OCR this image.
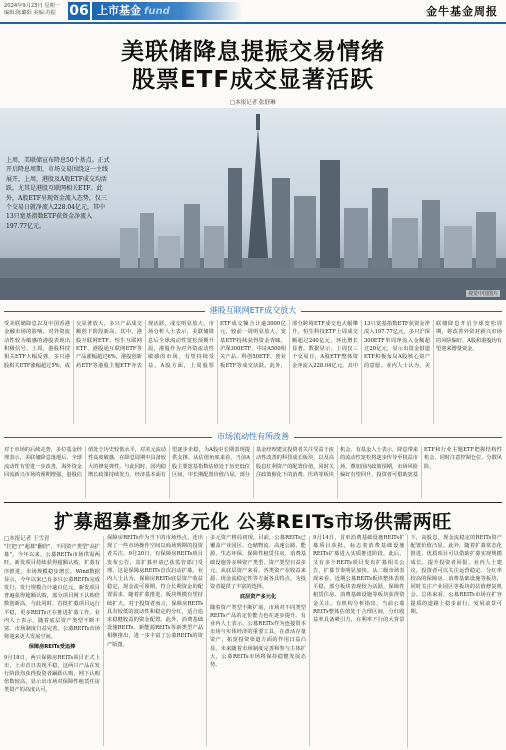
2024年9月23日 星期一
编辑:陈璐阳 美编:苏振 06 上市基金 fund	金牛基金周报
美联储降息提振交易情绪
股票ETF成交显著活跃
□本报记者 张舒琳
上周，美联储宣布降息50个基点。正式开启降息周期，市场交易围绕这一主线展开，上周，港股及A股ETF成交均活跃，尤其是港股互联网相关ETF。此外，A股ETF呈现资金流入态势，仅三个交易日就净流入228.04亿元，其中13只宽基指数ETF获资金净流入197.77亿元。
视觉中国图片
港股互联网ETF成交放大
受美联储降息以及中国香港金融市场的影响，对外资流动性较为敏感的港股表现出积极信号。上周，港股科技相关ETF大幅反弹，多只港股相关ETF涨幅超过5%，成交显著放大，多只产品成交额创下阶段新高。其中，港股互联网ETF、恒生互联网ETF、港股通互联网ETF等产品涨幅超过6%，港股创新药ETF等港股主题ETF亦表现活跃，成交明显放大。市场分析人士表示，美联储降息后全球流动性宽松预期升温，港股作为对外资流动性敏感的市场，有望持续受益。A股方面，上周股票ETF成交额合计逾3000亿元，较前一周明显放大，宽基ETF持续获得资金青睐，沪深300ETF、中证A500相关产品、科创50ETF、创业板ETF等成交活跃。此外，部分跨境ETF成交也大幅攀升，恒生科技ETF上周成交额超过240亿元，环比增长显著。数据显示，上周仅三个交易日，A股ETF整体资金净流入228.04亿元，其中13只宽基指数ETF获资金净流入197.77亿元，多只沪深300ETF单周净流入金额超过20亿元，显示出资金借道ETF积极布局A股核心资产的意愿。业内人士认为，美联储降息开启全球宽松周期，将改善外资对新兴市场的风险偏好，A股和港股均有望迎来增量资金。
市场流动性有所改善
对于市场的后续走势，多位基金经理表示，美联储降息落地后，全球流动性有望进一步改善，海外资金回流新兴市场的预期增强。港股估值处于历史较低水平，对美元流动性高度敏感，在降息周期中具备较大的修复弹性。与此同时，国内稳增长政策持续发力，经济基本面有望逐步企稳，为A股中长期表现提供支撑。从估值角度来看，当前A股主要宽基指数估值处于历史低位区间，中长期配置价值凸显。部分基金经理建议投资者关注受益于流动性改善的科技成长板块，以及高股息红利资产的配置价值，同时关注政策催化下的消费、医药等板块机会。有基金人士表示，降息带来的流动性宽松将逐步传导至权益市场，叠加国内政策预期，市场风险偏好有望回升，投资者可借助宽基ETF和行业主题ETF把握结构性机会，同时注意控制仓位、分散风险。
扩募超募叠加多元化 公募REITs市场供需两旺
□本报记者 王雪青
"扛把子"超募"翻倍"，不同资产类型"高扩募"，今年以来，公募REITs市场供需两旺，新发项目持续获得超额认购，扩募有序推进，市场规模稳步增长。Wind数据显示，今年以来已有多只公募REITs完成发行，发行规模合计逾百亿元，新发项目普遍获得超额认购，部分项目网下认购倍数创新高。与此同时，首批扩募项目运行平稳，更多REITs正在推进扩募工作。业内人士表示，随着底层资产类型不断丰富、市场制度日益完善，公募REITs市场将迎来更大发展空间。
保障房REITs受追捧
9月18日，两只保障房REITs项目正式上市，上市首日表现平稳，这两只产品在发行阶段均获得投资者踊跃认购，网下认购倍数较高，显示出市场对保障性租赁住房类资产的高度认可。
保障房REITs作为当下的市场热点，还出现了一些市场操作空间以商场到期的投资者关注。9月20日，有保障房REITs项目发布公告，其扩募申请已获监管部门受理，这是保障房REITs首次启动扩募。业内人士认为，保障房REITs底层资产收益稳定，现金流可预期，符合长期资金的配置需求，随着扩募推进，板块规模有望持续扩大。对于投资者而言，保障房REITs具有较低的波动性和稳定的分红，适合追求稳健收益的资金配置。此外，消费基础设施REITs、新能源REITs等新类型产品相继推出，进一步丰富了公募REITs的资产版图。
多元资产格局初现。目前，公募REITs已覆盖产业园区、仓储物流、高速公路、能源、生态环保、保障性租赁住房、消费基础设施等多种资产类型，资产类型日益多元。从底层资产来看，各类资产在收益来源、现金流稳定性等方面各具特点，为投资者提供了丰富的选择。
底层资产多元化
随着资产类型不断扩展，市场对不同类型REITs产品的定价能力也在逐步提升。有业内人士表示，公募REITs作为连接资本市场与实体经济的重要工具，在盘活存量资产、拓宽投资渠道方面的作用日益凸显。未来随着市场制度完善和参与主体扩大，公募REITs市场将保持稳健发展态势。
9月14日，首单消费基础设施REITs扩募项目获批，标志着消费基础设施REITs扩募进入实质推进阶段。此后，又有多个REITs项目发布扩募相关公告，扩募节奏明显加快。从二级市场表现来看，近期公募REITs板块整体表现平稳，部分板块表现较为活跃，保障性租赁住房、消费基础设施等板块获得资金关注。有机构分析指出，当前公募REITs整体估值处于合理区间，分红收益率具备吸引力，在利率下行的大背景下，高股息、现金流稳定的REITs资产配置价值凸显。此外，随着扩募常态化推进，优质项目可以借助扩募实现规模成长，提升投资者回报。业内人士建议，投资者可以关注运营稳定、分红率较高的保障房、消费基础设施等板块，同时关注产业园区等板块的估值修复机会。总体来看，公募REITs市场在扩容提质的道路上稳步前行，发展前景可期。
